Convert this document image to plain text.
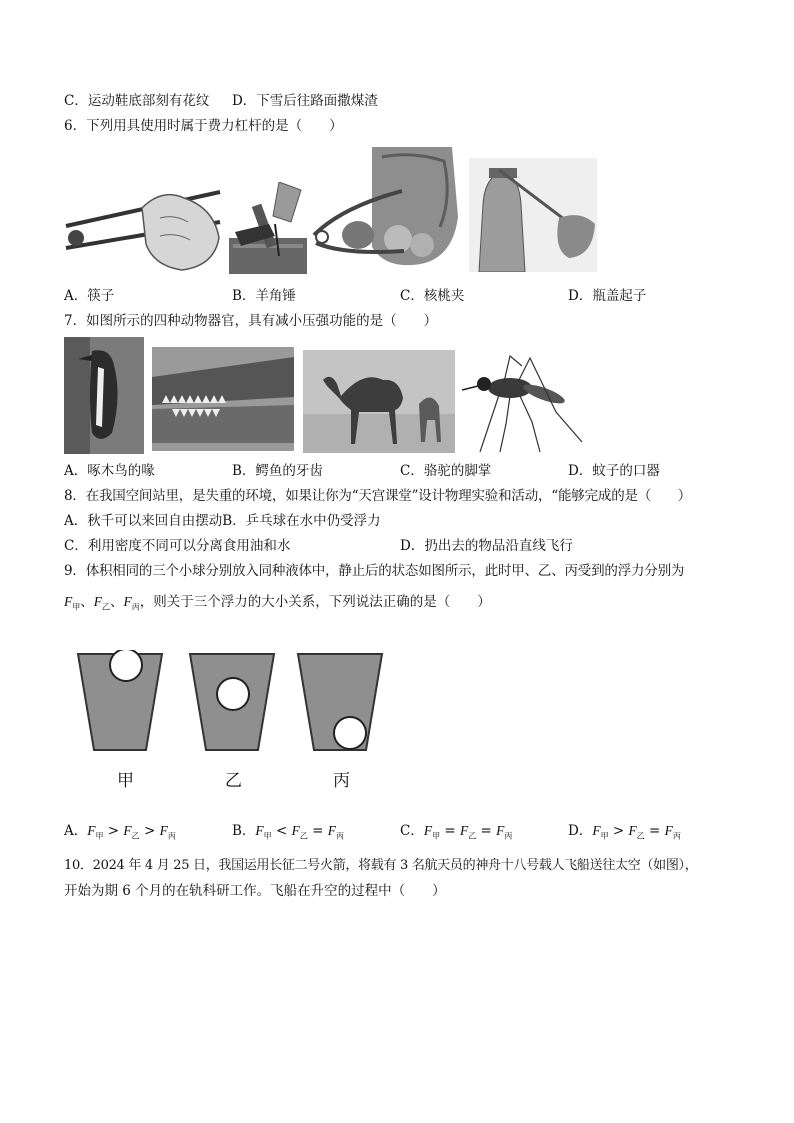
C．运动鞋底部刻有花纹 D．下雪后往路面撒煤渣
6．下列用具使用时属于费力杠杆的是（　　）
A．筷子	B．羊角锤	C．核桃夹	D．瓶盖起子
7．如图所示的四种动物器官，具有减小压强功能的是（　　）
A．啄木鸟的喙	B．鳄鱼的牙齿	C．骆驼的脚掌	D．蚊子的口器
8．在我国空间站里，是失重的环境，如果让你为“天宫课堂”设计物理实验和活动，“能够完成的是（　　）
A．秋千可以来回自由摆动B．乒乓球在水中仍受浮力
C．利用密度不同可以分离食用油和水	D．扔出去的物品沿直线飞行
9．体积相同的三个小球分别放入同种液体中，静止后的状态如图所示，此时甲、乙、丙受到的浮力分别为
$F_甲$、$F_乙$、$F_丙$，则关于三个浮力的大小关系，下列说法正确的是（　　）
甲	乙	丙
A．$F_甲 > F_乙 > F_丙$	B．$F_甲 < F_乙 = F_丙$	C．$F_甲 = F_乙 = F_丙$	D．$F_甲 > F_乙 = F_丙$
10．2024 年 4 月 25 日，我国运用长征二号火箭，将载有 3 名航天员的神舟十八号载人飞船送往太空（如图），
开始为期 6 个月的在轨科研工作。飞船在升空的过程中（　　）
